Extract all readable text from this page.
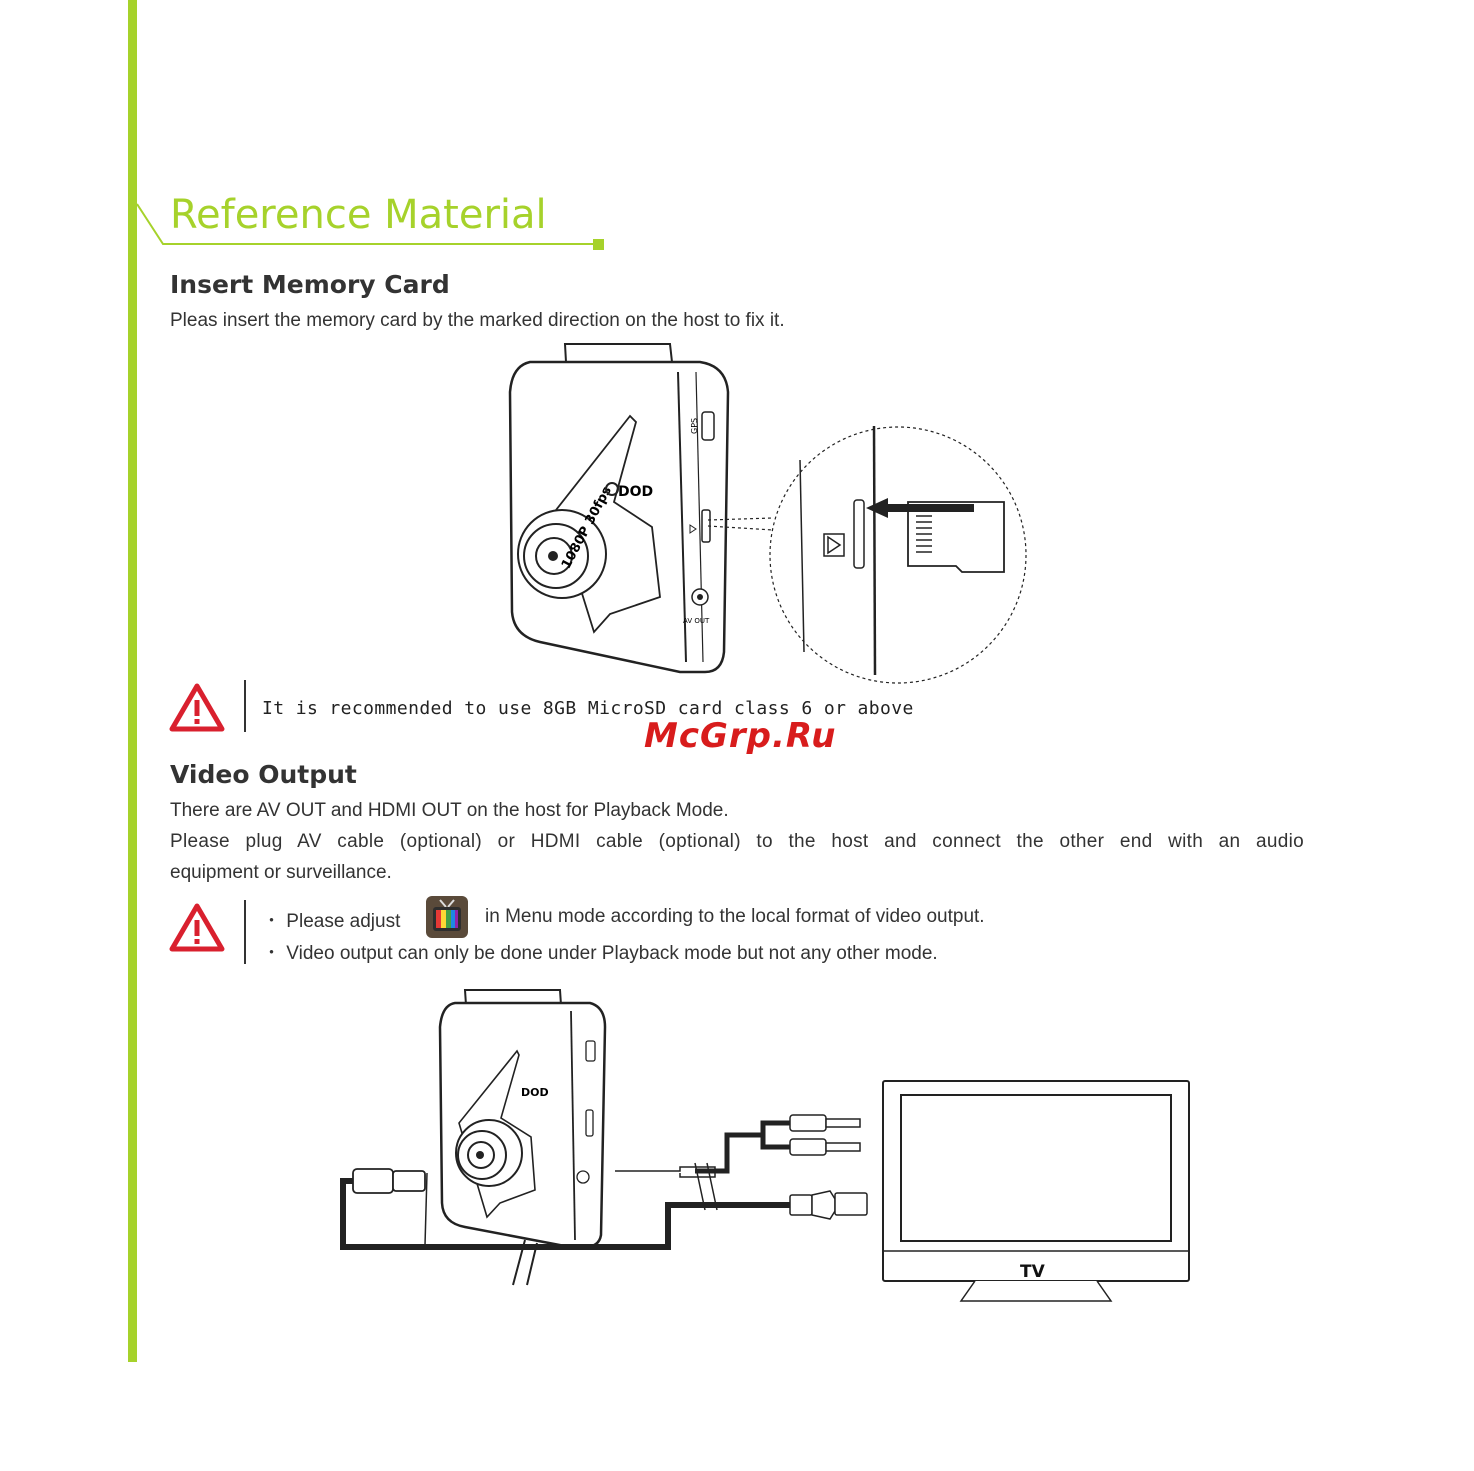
Reference Material
Insert Memory Card
Pleas insert the memory card by the marked direction on the host to fix it.
GPS
AV OUT
1080P 30fps DOD
It is recommended to use 8GB MicroSD card class 6 or above
McGrp.Ru
Video Output
There are AV OUT and HDMI OUT on the host for Playback Mode.
Please plug AV cable (optional) or HDMI cable (optional) to the host and connect the other end with an audio
equipment or surveillance.
・ Please adjust	in Menu mode according to the local format of video output.
・ Video output can only be done under Playback mode but not any other mode.
DOD
TV
